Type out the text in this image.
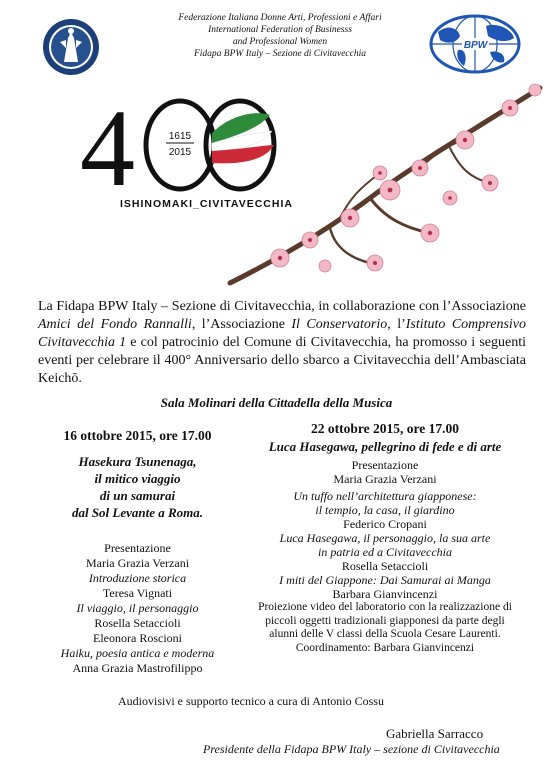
Federazione Italiana Donne Arti, Professioni e Affari
International Federation of Businesss
and Professional Women
Fidapa BPW Italy – Sezione di Civitavecchia
BPW
4	1615
2015
ISHINOMAKI_CIVITAVECCHIA
La Fidapa BPW Italy – Sezione di Civitavecchia, in collaborazione con l’Associazione Amici del Fondo Rannalli, l’Associazione Il Conservatorio, l’Istituto Comprensivo Civitavecchia 1 e col patrocinio del Comune di Civitavecchia, ha promosso i seguenti eventi per celebrare il 400° Anniversario dello sbarco a Civitavecchia dell’Ambasciata Keichō.
Sala Molinari della Cittadella della Musica
16 ottobre 2015, ore 17.00
Hasekura Tsunenaga,
il mitico viaggio
di un samurai
dal Sol Levante a Roma.
Presentazione
Maria Grazia Verzani
Introduzione storica
Teresa Vignati
Il viaggio, il personaggio
Rosella Setaccioli
Eleonora Roscioni
Haiku, poesia antica e moderna
Anna Grazia Mastrofilippo
22 ottobre 2015, ore 17.00
Luca Hasegawa, pellegrino di fede e di arte
Presentazione
Maria Grazia Verzani
Un tuffo nell’architettura giapponese:
il tempio, la casa, il giardino
Federico Cropani
Luca Hasegawa, il personaggio, la sua arte
in patria ed a Civitavecchia
Rosella Setaccioli
I miti del Giappone: Dai Samurai ai Manga
Barbara Gianvincenzi
Proiezione video del laboratorio con la realizzazione di
piccoli oggetti tradizionali giapponesi da parte degli
alunni delle V classi della Scuola Cesare Laurenti.
Coordinamento: Barbara Gianvincenzi
Audiovisivi e supporto tecnico a cura di Antonio Cossu
Gabriella Sarracco
Presidente della Fidapa BPW Italy – sezione di Civitavecchia
